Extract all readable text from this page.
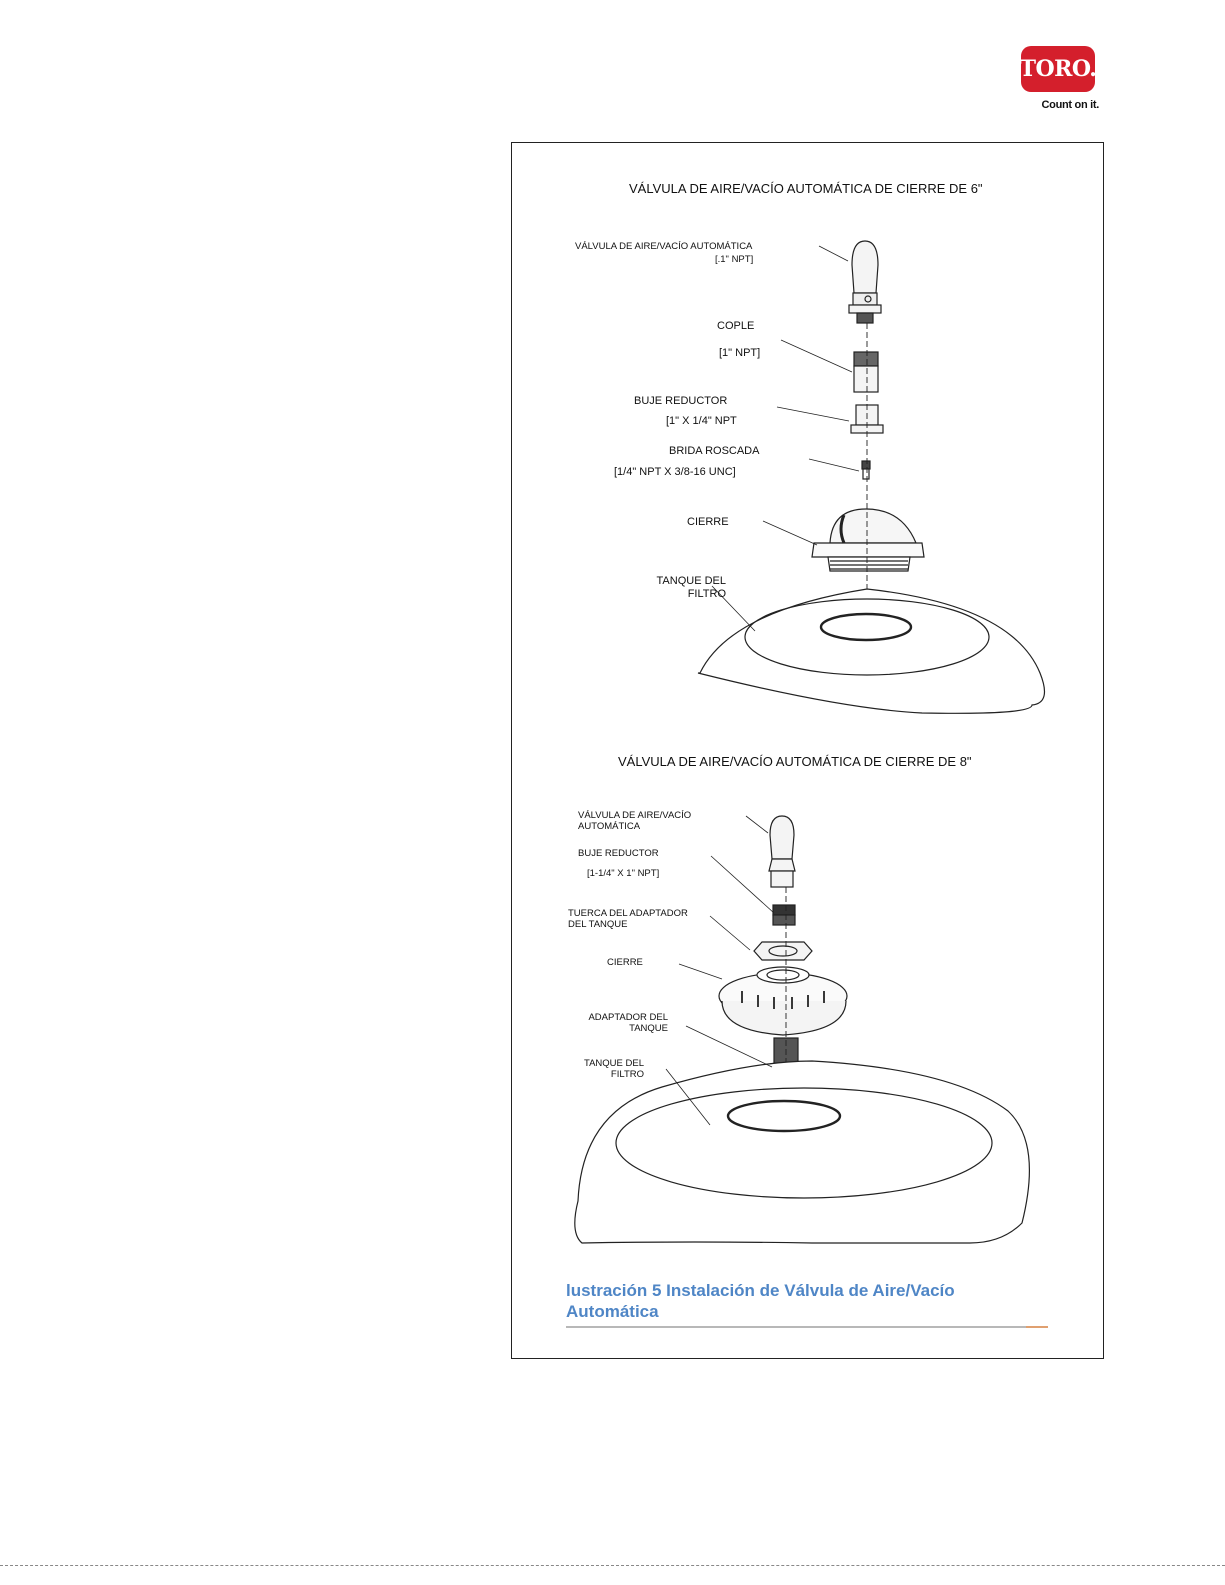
TORO.
Count on it.
VÁLVULA DE AIRE/VACÍO AUTOMÁTICA DE CIERRE DE 6"
VÁLVULA DE AIRE/VACÍO AUTOMÁTICA
[.1" NPT]
COPLE
[1" NPT]
BUJE REDUCTOR
[1" X 1/4" NPT
BRIDA ROSCADA
[1/4" NPT X 3/8-16 UNC]
CIERRE
TANQUE DEL
FILTRO
VÁLVULA DE AIRE/VACÍO AUTOMÁTICA DE CIERRE DE 8"
VÁLVULA DE AIRE/VACÍO
AUTOMÁTICA
BUJE REDUCTOR
[1-1/4" X 1" NPT]
TUERCA DEL ADAPTADOR
DEL TANQUE
CIERRE
ADAPTADOR DEL
TANQUE
TANQUE DEL
FILTRO
lustración 5 Instalación de Válvula de Aire/Vacío
Automática
